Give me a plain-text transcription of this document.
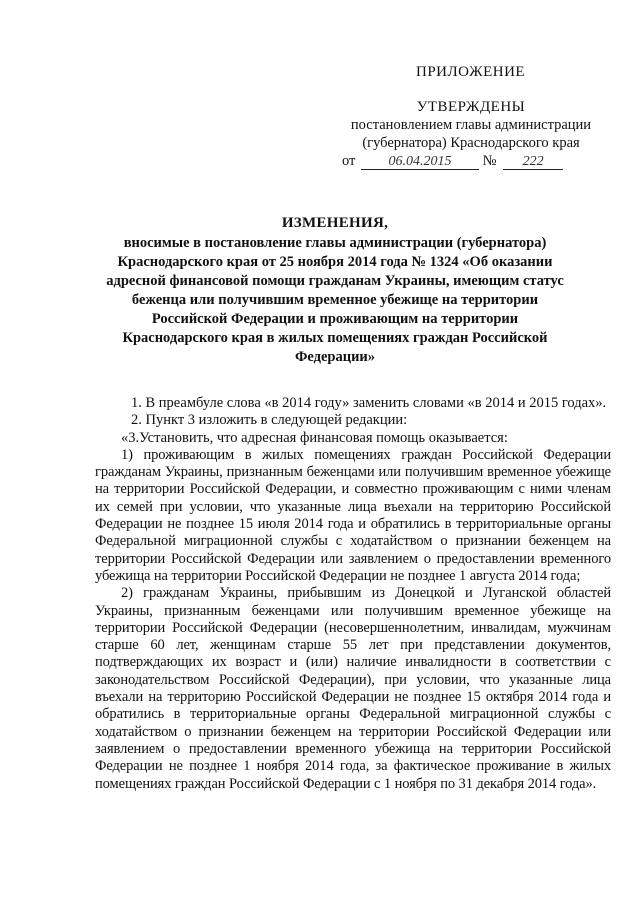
ПРИЛОЖЕНИЕ
УТВЕРЖДЕНЫ
постановлением главы администрации
(губернатора) Краснодарского края
от 06.04.2015 № 222
ИЗМЕНЕНИЯ,
вносимые в постановление главы администрации (губернатора) Краснодарского края от 25 ноября 2014 года № 1324 «Об оказании адресной финансовой помощи гражданам Украины, имеющим статус беженца или получившим временное убежище на территории Российской Федерации и проживающим на территории Краснодарского края в жилых помещениях граждан Российской Федерации»

1. В преамбуле слова «в 2014 году» заменить словами «в 2014 и 2015 годах».

2. Пункт 3 изложить в следующей редакции:

«3.Установить, что адресная финансовая помощь оказывается:

1) проживающим в жилых помещениях граждан Российской Федерации гражданам Украины, признанным беженцами или получившим временное убежище на территории Российской Федерации, и совместно проживающим с ними членам их семей при условии, что указанные лица въехали на территорию Российской Федерации не позднее 15 июля 2014 года и обратились в территориальные органы Федеральной миграционной службы с ходатайством о признании беженцем на территории Российской Федерации или заявлением о предоставлении временного убежища на территории Российской Федерации не позднее 1 августа 2014 года;

2) гражданам Украины, прибывшим из Донецкой и Луганской областей Украины, признанным беженцами или получившим временное убежище на территории Российской Федерации (несовершеннолетним, инвалидам, мужчинам старше 60 лет, женщинам старше 55 лет при представлении документов, подтверждающих их возраст и (или) наличие инвалидности в соответствии с законодательством Российской Федерации), при условии, что указанные лица въехали на территорию Российской Федерации не позднее 15 октября 2014 года и обратились в территориальные органы Федеральной миграционной службы с ходатайством о признании беженцем на территории Российской Федерации или заявлением о предоставлении временного убежища на территории Российской Федерации не позднее 1 ноября 2014 года, за фактическое проживание в жилых помещениях граждан Российской Федерации с 1 ноября по 31 декабря 2014 года».
